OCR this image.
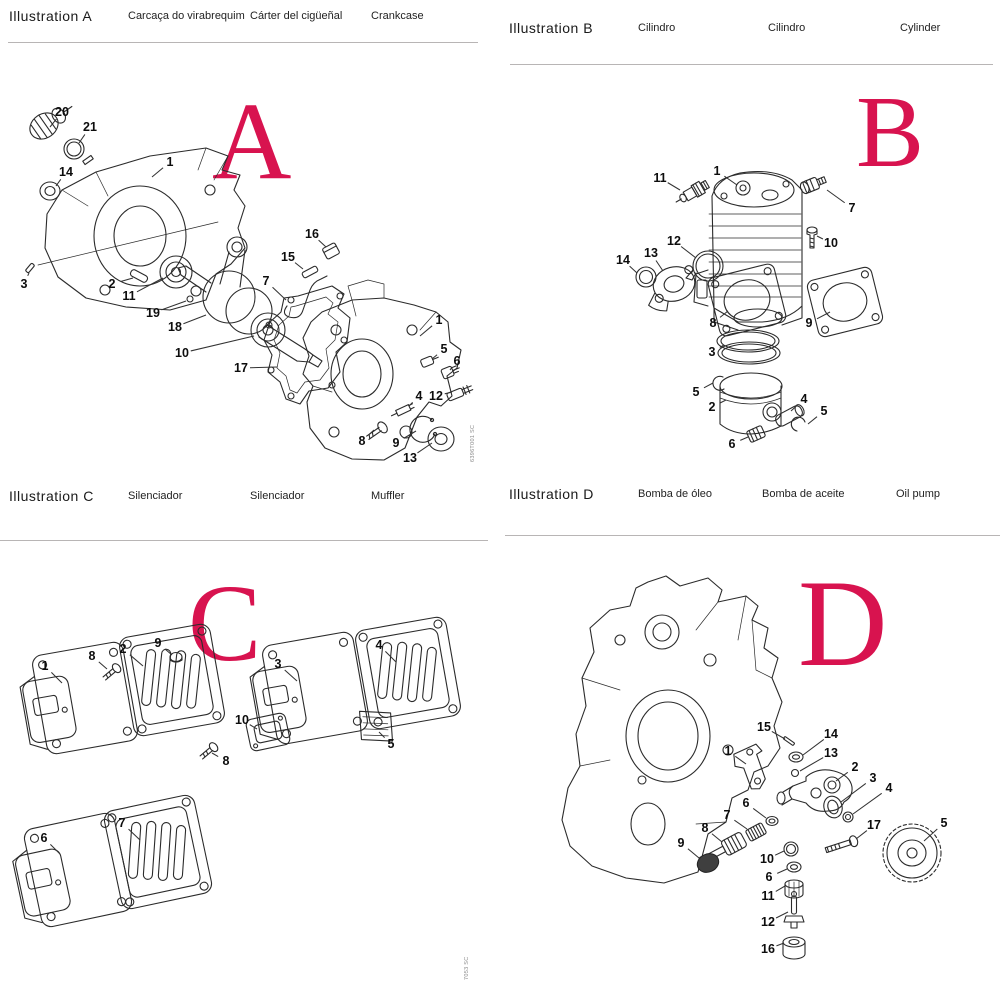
Illustration A	Carcaça do virabrequim Cárter del cigüeñal	Crankcase
A
6396T001 SC
20
21
14
1
3	2
11
19
18
10
17
7
15
16
8
1
5
6
12
4
9
13
Illustration B	Cilindro	Cilindro	Cylinder
B
11	1
7
10
12
13
14
8	9
3
5
2
4
5
6
Illustration C	Silenciador	Silenciador	Muffler
C
7053 SC
1
8 2 9
8
3
4
10
5
6
7
Illustration D	Bomba de óleo	Bomba de aceite	Oil pump
D
15	14
13
1
2
3
4
17	5
6
7
8
9
10
6
11
12
16
